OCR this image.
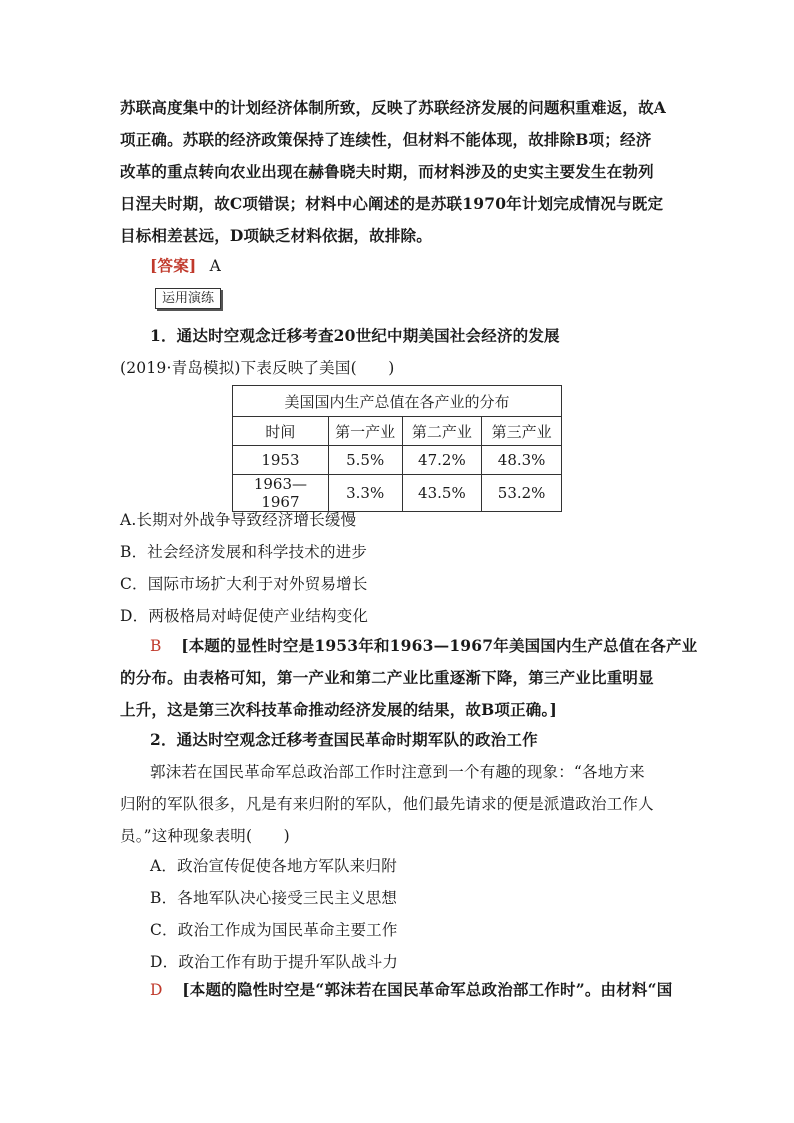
苏联高度集中的计划经济体制所致，反映了苏联经济发展的问题积重难返，故A
项正确。苏联的经济政策保持了连续性，但材料不能体现，故排除B项；经济
改革的重点转向农业出现在赫鲁晓夫时期，而材料涉及的史实主要发生在勃列
日涅夫时期，故C项错误；材料中心阐述的是苏联1970年计划完成情况与既定
目标相差甚远，D项缺乏材料依据，故排除。
[答案] A
运用演练
1．通达时空观念迁移考查20世纪中期美国社会经济的发展
(2019·青岛模拟)下表反映了美国(　　)
美国国内生产总值在各产业的分布			
时间	第一产业	第二产业	第三产业
1953	5.5%	47.2%	48.3%
1963—1967	3.3%	43.5%	53.2%
A.长期对外战争导致经济增长缓慢
B．社会经济发展和科学技术的进步
C．国际市场扩大利于对外贸易增长
D．两极格局对峙促使产业结构变化
B [本题的显性时空是1953年和1963—1967年美国国内生产总值在各产业
的分布。由表格可知，第一产业和第二产业比重逐渐下降，第三产业比重明显
上升，这是第三次科技革命推动经济发展的结果，故B项正确。]
2．通达时空观念迁移考查国民革命时期军队的政治工作
郭沫若在国民革命军总政治部工作时注意到一个有趣的现象：“各地方来
归附的军队很多，凡是有来归附的军队，他们最先请求的便是派遣政治工作人
员。”这种现象表明(　　)
A．政治宣传促使各地方军队来归附
B．各地军队决心接受三民主义思想
C．政治工作成为国民革命主要工作
D．政治工作有助于提升军队战斗力
D [本题的隐性时空是“郭沫若在国民革命军总政治部工作时”。由材料“国
